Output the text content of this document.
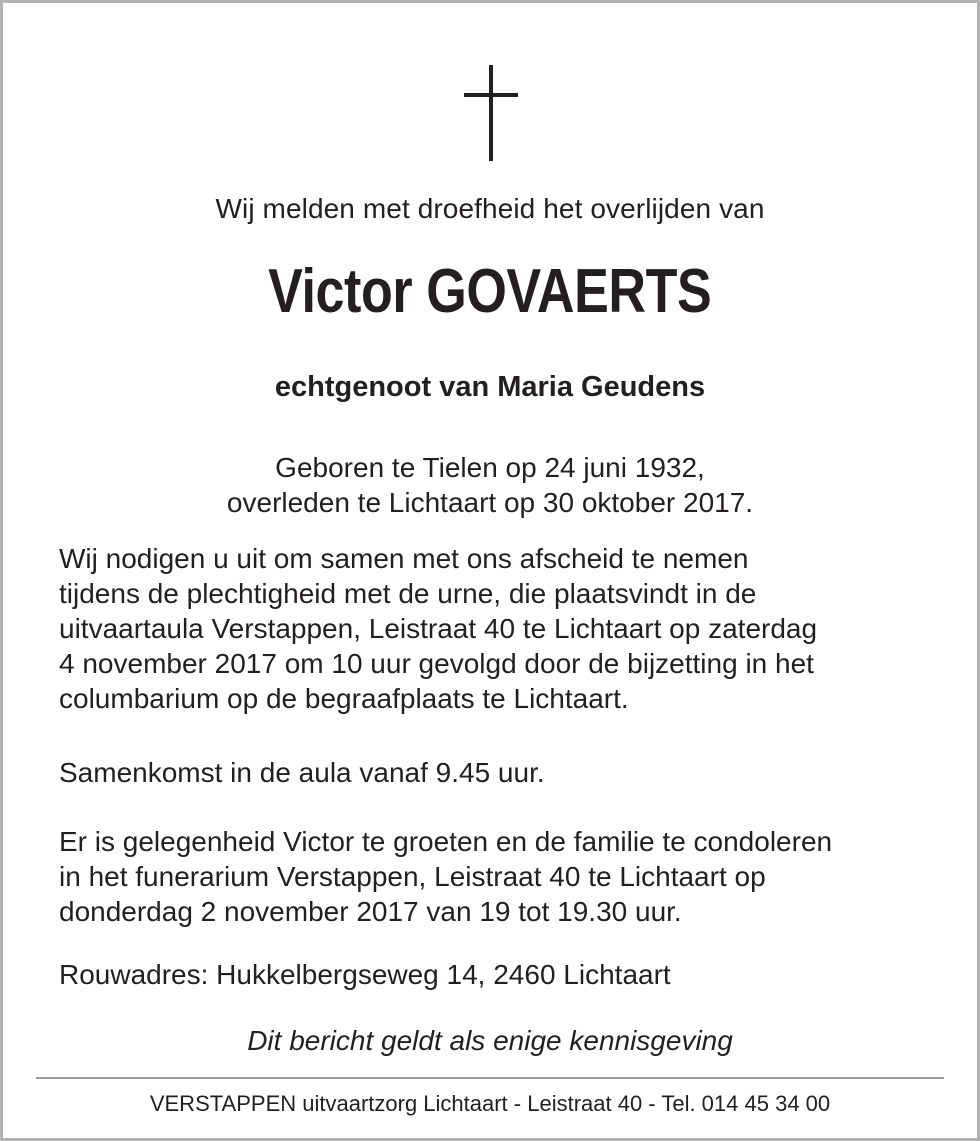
Wij melden met droefheid het overlijden van
Victor GOVAERTS
echtgenoot van Maria Geudens
Geboren te Tielen op 24 juni 1932,
overleden te Lichtaart op 30 oktober 2017.
Wij nodigen u uit om samen met ons afscheid te nemen
tijdens de plechtigheid met de urne, die plaatsvindt in de
uitvaartaula Verstappen, Leistraat 40 te Lichtaart op zaterdag
4 november 2017 om 10 uur gevolgd door de bijzetting in het
columbarium op de begraafplaats te Lichtaart.
Samenkomst in de aula vanaf 9.45 uur.
Er is gelegenheid Victor te groeten en de familie te condoleren
in het funerarium Verstappen, Leistraat 40 te Lichtaart op
donderdag 2 november 2017 van 19 tot 19.30 uur.
Rouwadres: Hukkelbergseweg 14, 2460 Lichtaart
Dit bericht geldt als enige kennisgeving
VERSTAPPEN uitvaartzorg Lichtaart - Leistraat 40 - Tel. 014 45 34 00
